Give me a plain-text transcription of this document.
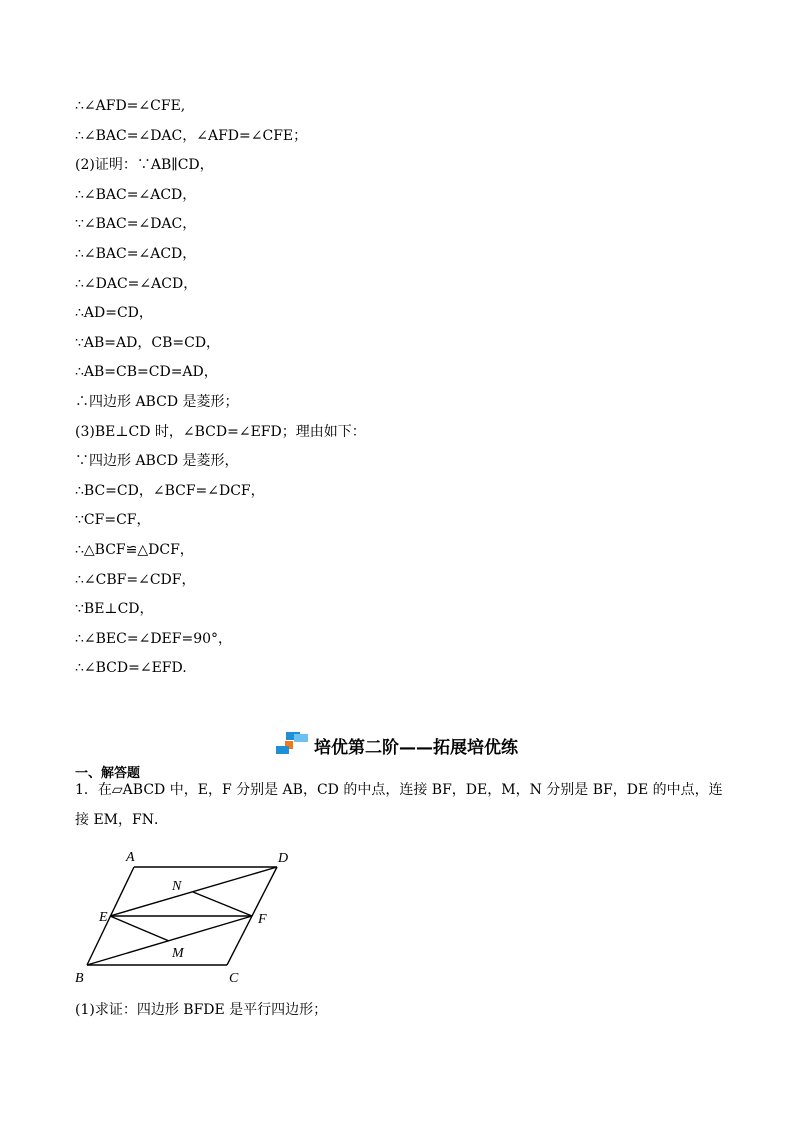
∴∠AFD=∠CFE,
∴∠BAC=∠DAC，∠AFD=∠CFE；
(2)证明：∵AB∥CD，
∴∠BAC=∠ACD，
∵∠BAC=∠DAC，
∴∠BAC=∠ACD，
∴∠DAC=∠ACD，
∴AD=CD，
∵AB=AD，CB=CD，
∴AB=CB=CD=AD，
∴四边形 ABCD 是菱形；
(3)BE⊥CD 时，∠BCD=∠EFD；理由如下：
∵四边形 ABCD 是菱形，
∴BC=CD，∠BCF=∠DCF，
∵CF=CF，
∴△BCF≌△DCF，
∴∠CBF=∠CDF，
∵BE⊥CD，
∴∠BEC=∠DEF=90°，
∴∠BCD=∠EFD.
培优第二阶——拓展培优练
一、解答题
1．在▱ABCD 中，E，F 分别是 AB，CD 的中点，连接 BF，DE，M，N 分别是 BF，DE 的中点，连
接 EM，FN．
A	D
E	F
N
M
B	C
(1)求证：四边形 BFDE 是平行四边形；
